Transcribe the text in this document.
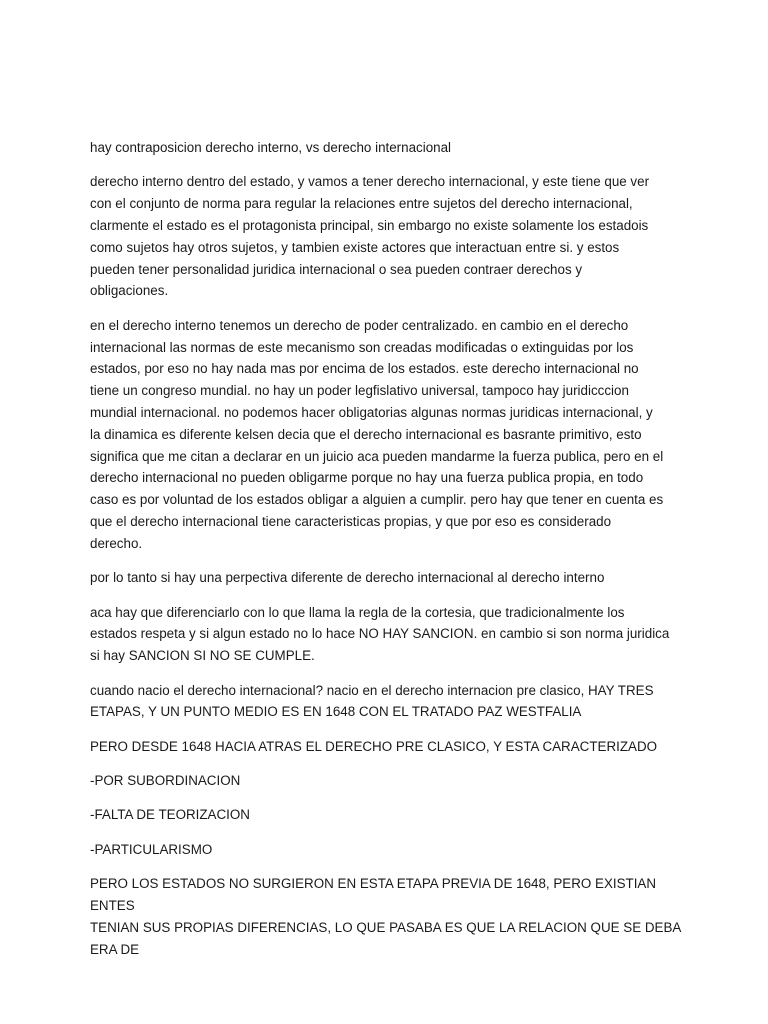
hay contraposicion derecho interno, vs derecho internacional

derecho interno dentro del estado, y vamos a tener derecho internacional, y este tiene que ver
con el conjunto de norma para regular la relaciones entre sujetos del derecho internacional,
clarmente el estado es el protagonista principal, sin embargo no existe solamente los estadois
como sujetos hay otros sujetos, y tambien existe actores que interactuan entre si. y estos
pueden tener personalidad juridica internacional o sea pueden contraer derechos y
obligaciones.

en el derecho interno tenemos un derecho de poder centralizado. en cambio en el derecho
internacional las normas de este mecanismo son creadas modificadas o extinguidas por los
estados, por eso no hay nada mas por encima de los estados. este derecho internacional no
tiene un congreso mundial. no hay un poder legfislativo universal, tampoco hay juridicccion
mundial internacional. no podemos hacer obligatorias algunas normas juridicas internacional, y
la dinamica es diferente kelsen decia que el derecho internacional es basrante primitivo, esto
significa que me citan a declarar en un juicio aca pueden mandarme la fuerza publica, pero en el
derecho internacional no pueden obligarme porque no hay una fuerza publica propia, en todo
caso es por voluntad de los estados obligar a alguien a cumplir. pero hay que tener en cuenta es
que el derecho internacional tiene caracteristicas propias, y que por eso es considerado
derecho.

por lo tanto si hay una perpectiva diferente de derecho internacional al derecho interno

aca hay que diferenciarlo con lo que llama la regla de la cortesia, que tradicionalmente los
estados respeta y si algun estado no lo hace NO HAY SANCION. en cambio si son norma juridica
si hay SANCION SI NO SE CUMPLE.

cuando nacio el derecho internacional? nacio en el derecho internacion pre clasico, HAY TRES
ETAPAS, Y UN PUNTO MEDIO ES EN 1648 CON EL TRATADO PAZ WESTFALIA

PERO DESDE 1648 HACIA ATRAS EL DERECHO PRE CLASICO, Y ESTA CARACTERIZADO

-POR SUBORDINACION

-FALTA DE TEORIZACION

-PARTICULARISMO

PERO LOS ESTADOS NO SURGIERON EN ESTA ETAPA PREVIA DE 1648, PERO EXISTIAN ENTES
TENIAN SUS PROPIAS DIFERENCIAS, LO QUE PASABA ES QUE LA RELACION QUE SE DEBA ERA DE
